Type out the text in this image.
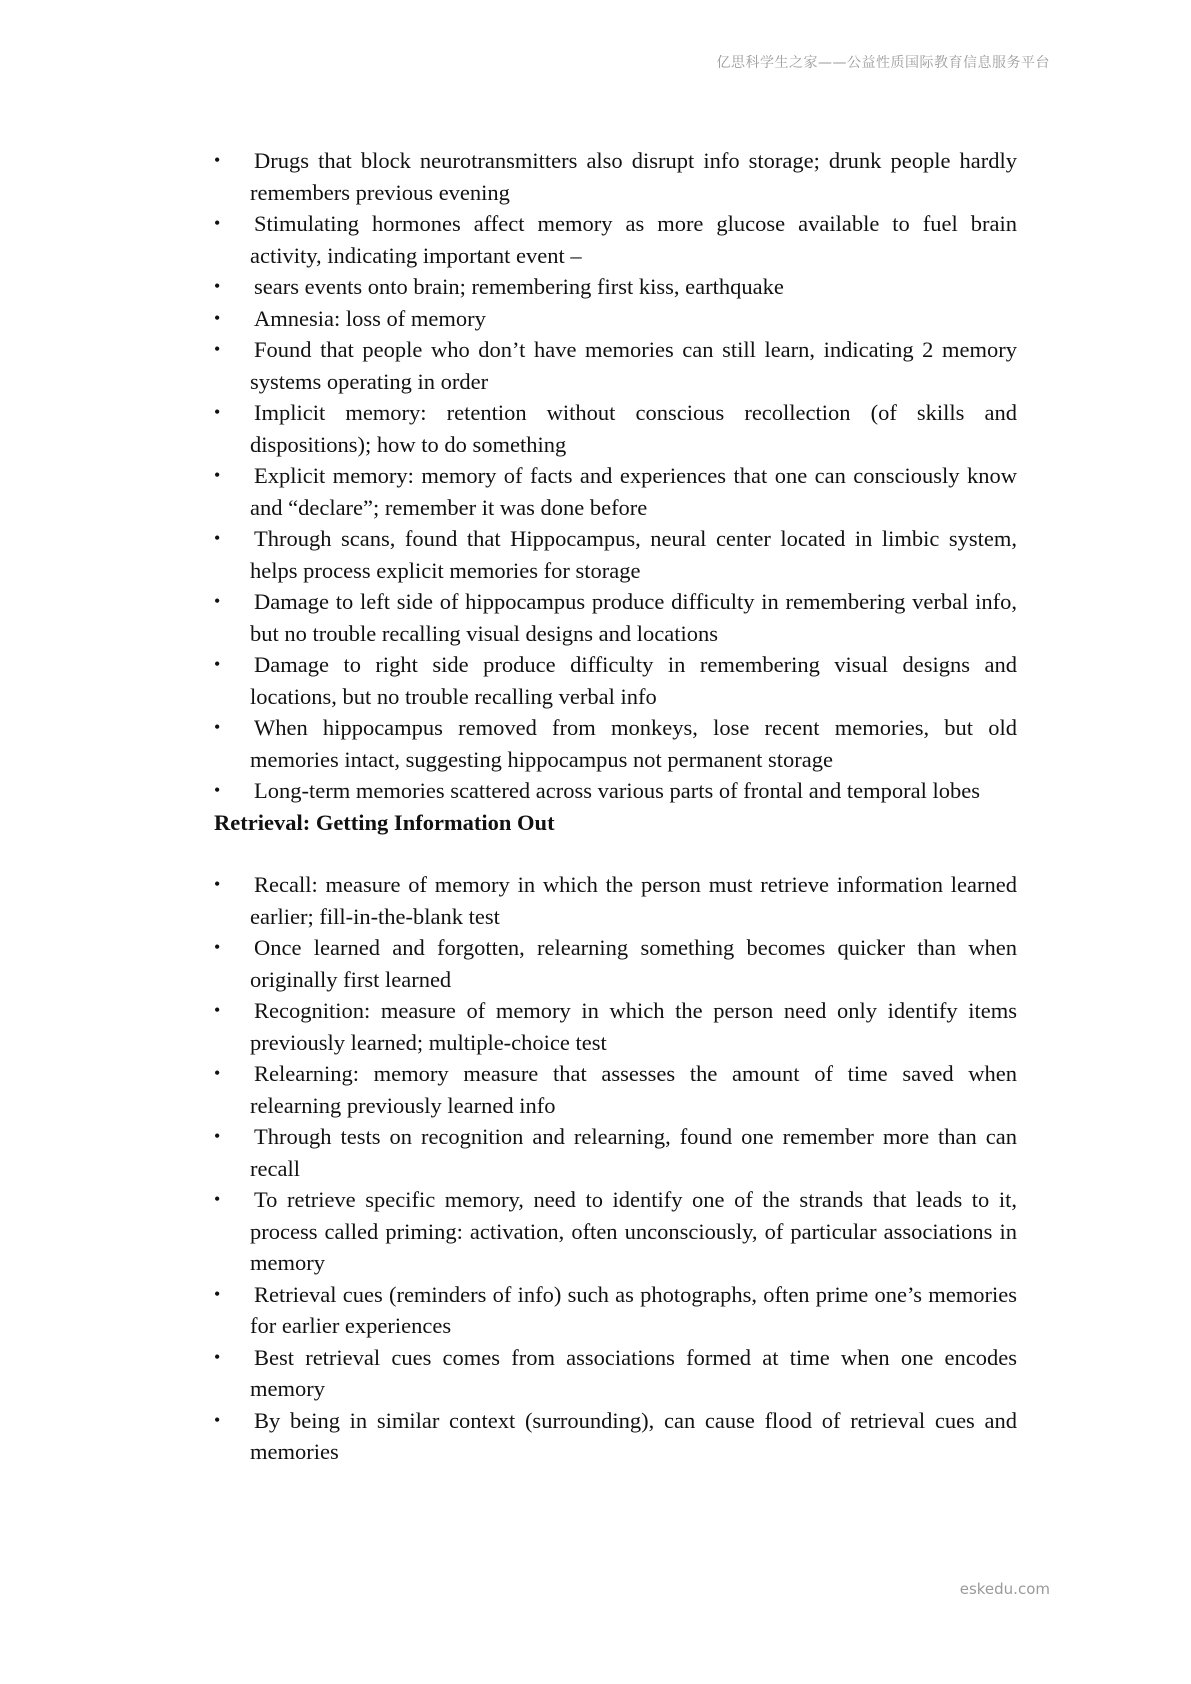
亿思科学生之家——公益性质国际教育信息服务平台
•	Drugs that block neurotransmitters also disrupt info storage; drunk people hardly remembers previous evening
•	Stimulating hormones affect memory as more glucose available to fuel brain activity, indicating important event –
•	sears events onto brain; remembering first kiss, earthquake
•	Amnesia: loss of memory
•	Found that people who don’t have memories can still learn, indicating 2 memory systems operating in order
•	Implicit memory: retention without conscious recollection (of skills and dispositions); how to do something
•	Explicit memory: memory of facts and experiences that one can consciously know and “declare”; remember it was done before
•	Through scans, found that Hippocampus, neural center located in limbic system, helps process explicit memories for storage
•	Damage to left side of hippocampus produce difficulty in remembering verbal info, but no trouble recalling visual designs and locations
•	Damage to right side produce difficulty in remembering visual designs and locations, but no trouble recalling verbal info
•	When hippocampus removed from monkeys, lose recent memories, but old memories intact, suggesting hippocampus not permanent storage
•	Long-term memories scattered across various parts of frontal and temporal lobes
Retrieval: Getting Information Out
•	Recall: measure of memory in which the person must retrieve information learned earlier; fill-in-the-blank test
•	Once learned and forgotten, relearning something becomes quicker than when originally first learned
•	Recognition: measure of memory in which the person need only identify items previously learned; multiple-choice test
•	Relearning: memory measure that assesses the amount of time saved when relearning previously learned info
•	Through tests on recognition and relearning, found one remember more than can recall
•	To retrieve specific memory, need to identify one of the strands that leads to it, process called priming: activation, often unconsciously, of particular associations in memory
•	Retrieval cues (reminders of info) such as photographs, often prime one’s memories for earlier experiences
•	Best retrieval cues comes from associations formed at time when one encodes memory
•	By being in similar context (surrounding), can cause flood of retrieval cues and memories
eskedu.com
